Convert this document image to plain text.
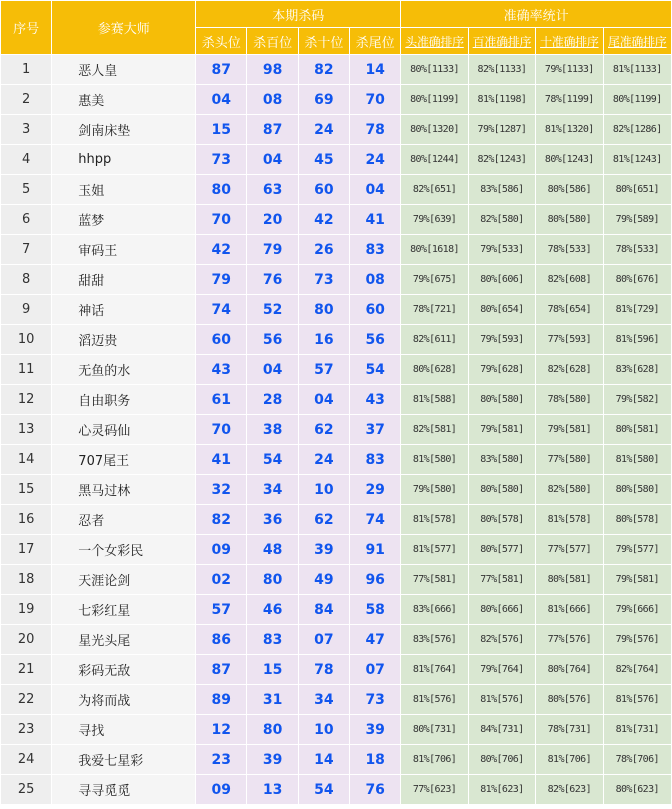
序号	参赛大师	本期杀码				准确率统计			
		杀头位	杀百位	杀十位	杀尾位	头准确排序	百准确排序	十准确排序	尾准确排序
1	恶人皇	87	98	82	14	80%[1133]	82%[1133]	79%[1133]	81%[1133]
2	惠美	04	08	69	70	80%[1199]	81%[1198]	78%[1199]	80%[1199]
3	剑南床垫	15	87	24	78	80%[1320]	79%[1287]	81%[1320]	82%[1286]
4	hhpp	73	04	45	24	80%[1244]	82%[1243]	80%[1243]	81%[1243]
5	玉姐	80	63	60	04	82%[651]	83%[586]	80%[586]	80%[651]
6	蓝梦	70	20	42	41	79%[639]	82%[580]	80%[580]	79%[589]
7	审码王	42	79	26	83	80%[1618]	79%[533]	78%[533]	78%[533]
8	甜甜	79	76	73	08	79%[675]	80%[606]	82%[608]	80%[676]
9	神话	74	52	80	60	78%[721]	80%[654]	78%[654]	81%[729]
10	滔迈贵	60	56	16	56	82%[611]	79%[593]	77%[593]	81%[596]
11	无鱼的水	43	04	57	54	80%[628]	79%[628]	82%[628]	83%[628]
12	自由职务	61	28	04	43	81%[588]	80%[580]	78%[580]	79%[582]
13	心灵码仙	70	38	62	37	82%[581]	79%[581]	79%[581]	80%[581]
14	707尾王	41	54	24	83	81%[580]	83%[580]	77%[580]	81%[580]
15	黑马过林	32	34	10	29	79%[580]	80%[580]	82%[580]	80%[580]
16	忍者	82	36	62	74	81%[578]	80%[578]	81%[578]	80%[578]
17	一个女彩民	09	48	39	91	81%[577]	80%[577]	77%[577]	79%[577]
18	天涯论剑	02	80	49	96	77%[581]	77%[581]	80%[581]	79%[581]
19	七彩红星	57	46	84	58	83%[666]	80%[666]	81%[666]	79%[666]
20	星光头尾	86	83	07	47	83%[576]	82%[576]	77%[576]	79%[576]
21	彩码无敌	87	15	78	07	81%[764]	79%[764]	80%[764]	82%[764]
22	为将而战	89	31	34	73	81%[576]	81%[576]	80%[576]	81%[576]
23	寻找	12	80	10	39	80%[731]	84%[731]	78%[731]	81%[731]
24	我爱七星彩	23	39	14	18	81%[706]	80%[706]	81%[706]	78%[706]
25	寻寻觅觅	09	13	54	76	77%[623]	81%[623]	82%[623]	80%[623]
